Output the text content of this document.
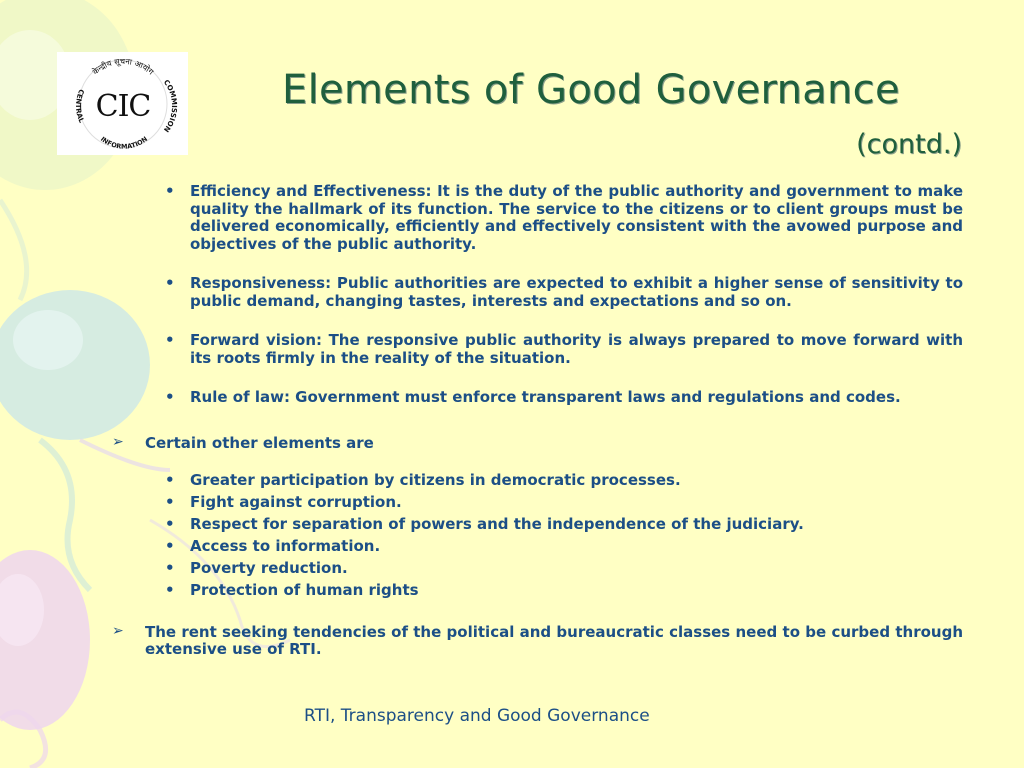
केन्द्रीय सूचना आयोग
CENTRAL
INFORMATION
COMMISSION
CIC	Elements of Good Governance
(contd.)
• Efficiency and Effectiveness: It is the duty of the public authority and government to make quality the hallmark of its function. The service to the citizens or to client groups must be delivered economically, efficiently and effectively consistent with the avowed purpose and objectives of the public authority.
• Responsiveness: Public authorities are expected to exhibit a higher sense of sensitivity to public demand, changing tastes, interests and expectations and so on.
• Forward vision: The responsive public authority is always prepared to move forward with its roots firmly in the reality of the situation.
• Rule of law: Government must enforce transparent laws and regulations and codes.
➢ Certain other elements are
• Greater participation by citizens in democratic processes.
• Fight against corruption.
• Respect for separation of powers and the independence of the judiciary.
• Access to information.
• Poverty reduction.
• Protection of human rights
➢ The rent seeking tendencies of the political and bureaucratic classes need to be curbed through extensive use of RTI.
RTI, Transparency and Good Governance
